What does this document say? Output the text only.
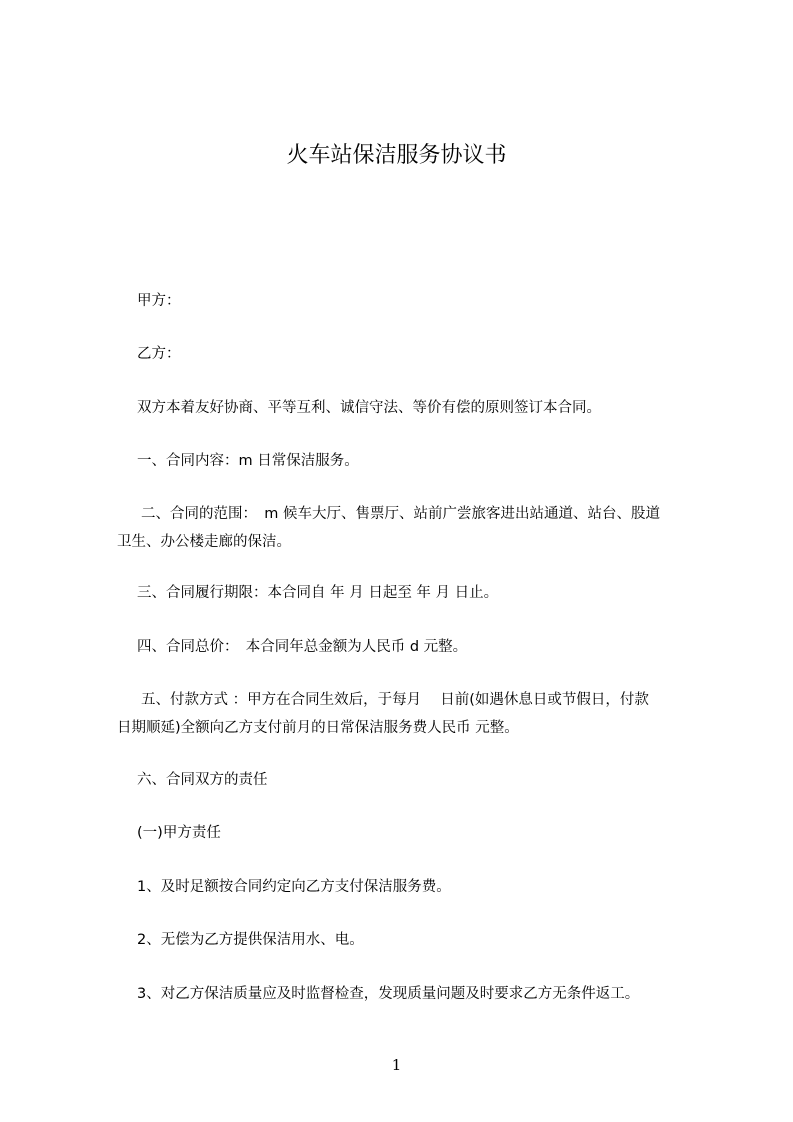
火车站保洁服务协议书
甲方：
乙方：
双方本着友好协商、平等互利、诚信守法、等价有偿的原则签订本合同。
一、合同内容：m 日常保洁服务。
二、合同的范围：　m 候车大厅、售票厅、站前广尝旅客进出站通道、站台、股道
卫生、办公楼走廊的保洁。
三、合同履行期限：本合同自 年 月 日起至 年 月 日止。
四、合同总价：　本合同年总金额为人民币 d 元整。
五、付款方式 ：甲方在合同生效后，于每月　 日前(如遇休息日或节假日，付款
日期顺延)全额向乙方支付前月的日常保洁服务费人民币 元整。
六、合同双方的责任
(一)甲方责任
1、及时足额按合同约定向乙方支付保洁服务费。
2、无偿为乙方提供保洁用水、电。
3、对乙方保洁质量应及时监督检查，发现质量问题及时要求乙方无条件返工。
1
